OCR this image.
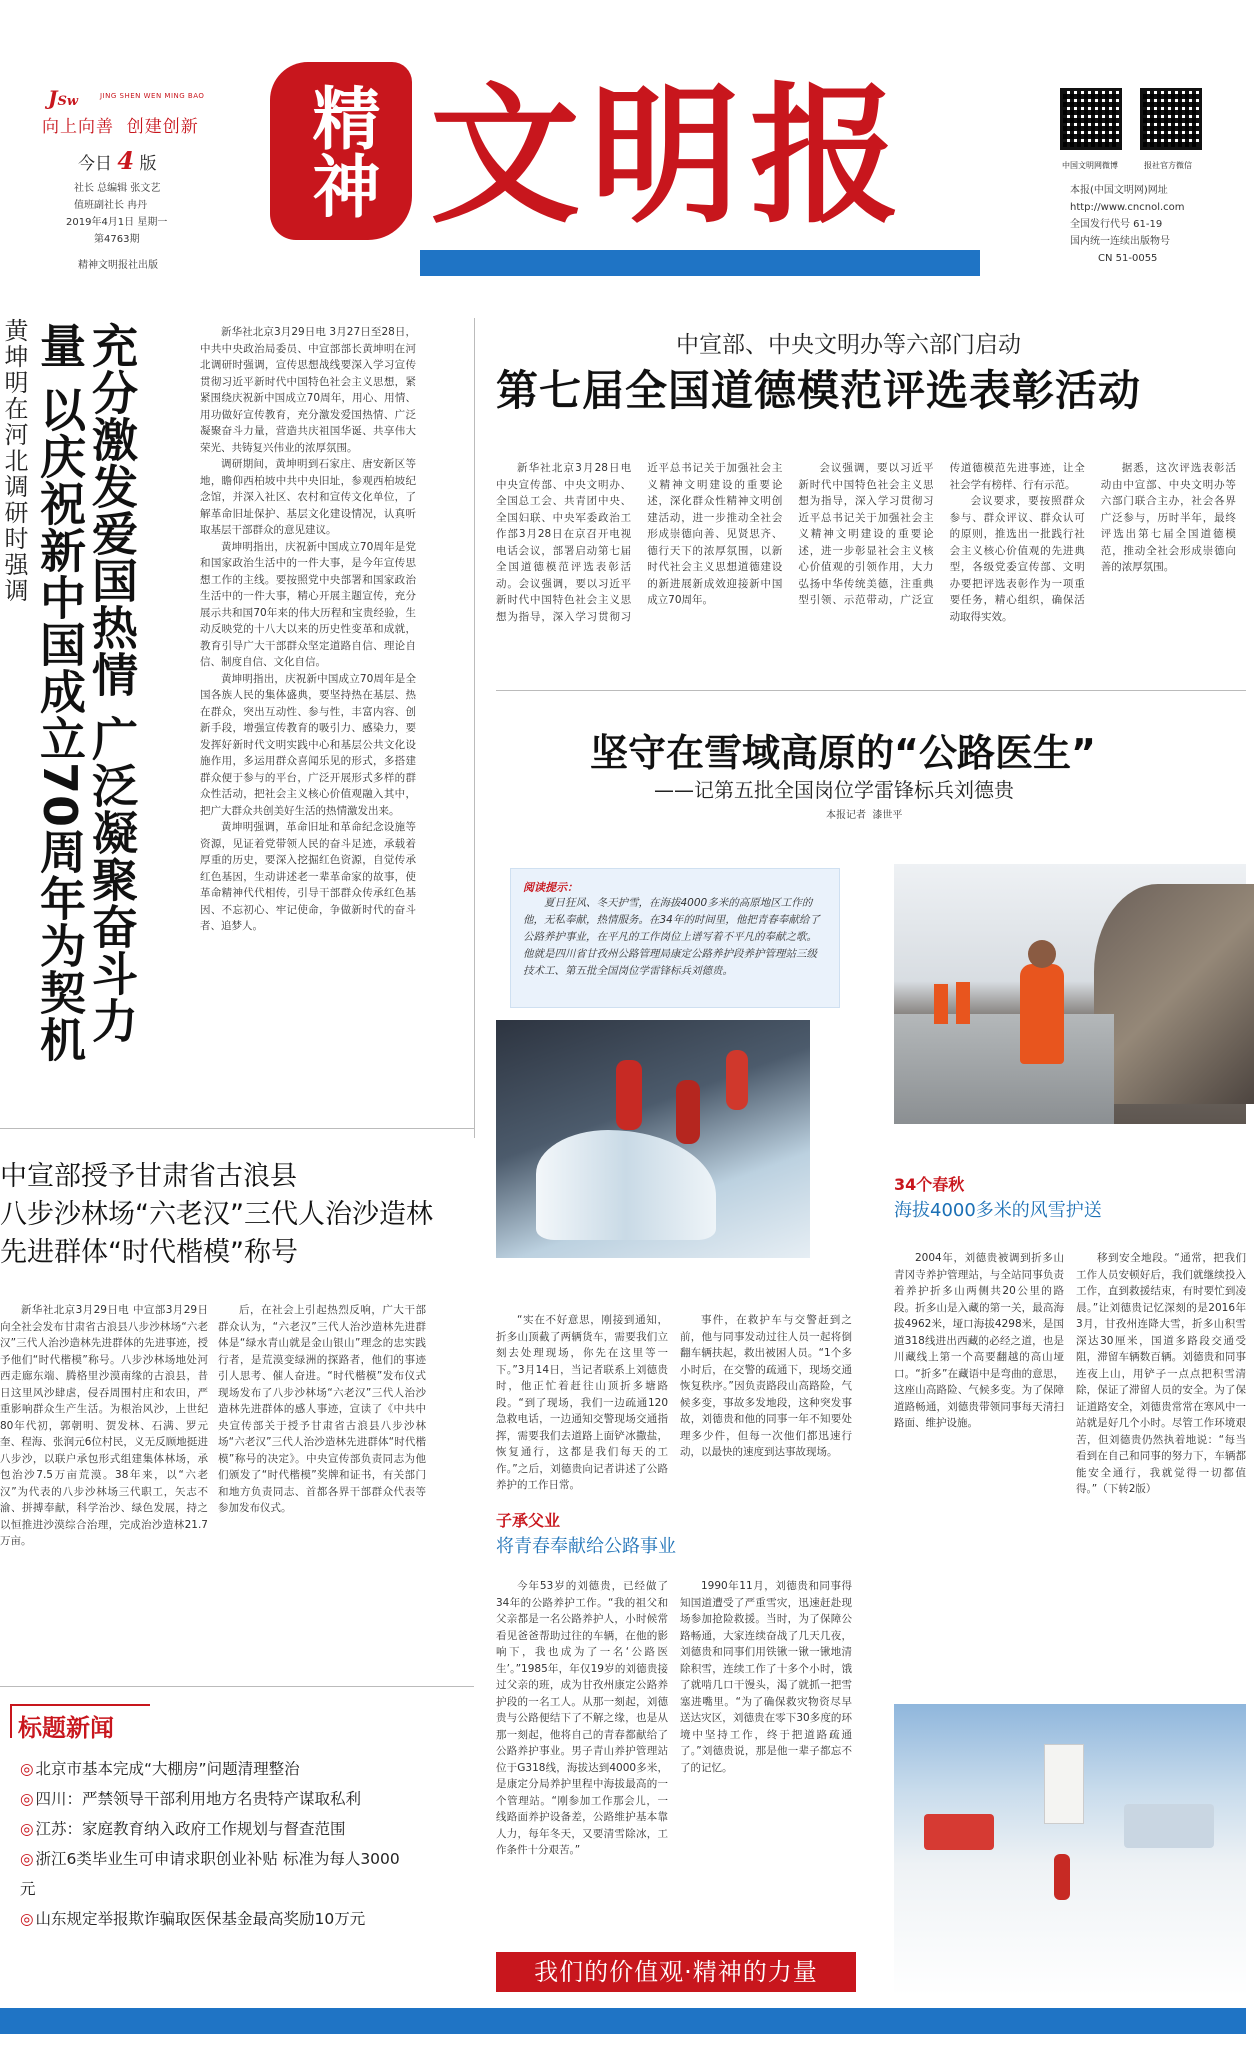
JSw	JING SHEN WEN MING BAO
向上向善  创建创新
今日 4 版
社长 总编辑 张文艺
值班副社长 冉丹
2019年4月1日 星期一
第4763期
精神文明报社出版
精神 文明报

全国精神文明建设战线    全媒中心    独家报纸

中国文明网微博	报社官方微信
本报(中国文明网)网址
http://www.cncnol.com
全国发行代号 61-19
国内统一连续出版物号
CN 51-0055
黄坤明在河北调研时强调	充分激发爱国热情 广泛凝聚奋斗力量 以庆祝新中国成立70周年为契机	新华社北京3月29日电 3月27日至28日，中共中央政治局委员、中宣部部长黄坤明在河北调研时强调，宣传思想战线要深入学习宣传贯彻习近平新时代中国特色社会主义思想，紧紧围绕庆祝新中国成立70周年，用心、用情、用功做好宣传教育，充分激发爱国热情、广泛凝聚奋斗力量，营造共庆祖国华诞、共享伟大荣光、共铸复兴伟业的浓厚氛围。

调研期间，黄坤明到石家庄、唐安新区等地，瞻仰西柏坡中共中央旧址，参观西柏坡纪念馆，并深入社区、农村和宣传文化单位，了解革命旧址保护、基层文化建设情况，认真听取基层干部群众的意见建议。

黄坤明指出，庆祝新中国成立70周年是党和国家政治生活中的一件大事，是今年宣传思想工作的主线。要按照党中央部署和国家政治生活中的一件大事，精心开展主题宣传，充分展示共和国70年来的伟大历程和宝贵经验，生动反映党的十八大以来的历史性变革和成就，教育引导广大干部群众坚定道路自信、理论自信、制度自信、文化自信。

黄坤明指出，庆祝新中国成立70周年是全国各族人民的集体盛典，要坚持热在基层、热在群众，突出互动性、参与性，丰富内容、创新手段，增强宣传教育的吸引力、感染力，要发挥好新时代文明实践中心和基层公共文化设施作用，多运用群众喜闻乐见的形式，多搭建群众便于参与的平台，广泛开展形式多样的群众性活动，把社会主义核心价值观融入其中，把广大群众共创美好生活的热情激发出来。

黄坤明强调，革命旧址和革命纪念设施等资源，见证着党带领人民的奋斗足迹，承载着厚重的历史，要深入挖掘红色资源，自觉传承红色基因，生动讲述老一辈革命家的故事，使革命精神代代相传，引导干部群众传承红色基因、不忘初心、牢记使命，争做新时代的奋斗者、追梦人。

中宣部、中央文明办等六部门启动
第七届全国道德模范评选表彰活动

新华社北京3月28日电 中央宣传部、中央文明办、全国总工会、共青团中央、全国妇联、中央军委政治工作部3月28日在京召开电视电话会议，部署启动第七届全国道德模范评选表彰活动。会议强调，要以习近平新时代中国特色社会主义思想为指导，深入学习贯彻习近平总书记关于加强社会主义精神文明建设的重要论述，深化群众性精神文明创建活动，进一步推动全社会形成崇德向善、见贤思齐、德行天下的浓厚氛围，以新时代社会主义思想道德建设的新进展新成效迎接新中国成立70周年。

会议强调，要以习近平新时代中国特色社会主义思想为指导，深入学习贯彻习近平总书记关于加强社会主义精神文明建设的重要论述，进一步彰显社会主义核心价值观的引领作用，大力弘扬中华传统美德，注重典型引领、示范带动，广泛宣传道德模范先进事迹，让全社会学有榜样、行有示范。

会议要求，要按照群众参与、群众评议、群众认可的原则，推选出一批践行社会主义核心价值观的先进典型，各级党委宣传部、文明办要把评选表彰作为一项重要任务，精心组织，确保活动取得实效。

据悉，这次评选表彰活动由中宣部、中央文明办等六部门联合主办，社会各界广泛参与，历时半年，最终评选出第七届全国道德模范，推动全社会形成崇德向善的浓厚氛围。

坚守在雪域高原的“公路医生”
——记第五批全国岗位学雷锋标兵刘德贵
本报记者  漆世平
阅读提示：
夏日狂风、冬天护雪，在海拔4000多米的高原地区工作的他，无私奉献，热情服务。在34年的时间里，他把青春奉献给了公路养护事业，在平凡的工作岗位上谱写着不平凡的奉献之歌。他就是四川省甘孜州公路管理局康定公路养护段养护管理站三级技术工、第五批全国岗位学雷锋标兵刘德贵。
34个春秋
海拔4000多米的风雪护送
子承父业
将青春奉献给公路事业

“实在不好意思，刚接到通知，折多山顶截了两辆货车，需要我们立刻去处理现场，你先在这里等一下。”3月14日，当记者联系上刘德贵时，他正忙着赶往山顶折多塘路段。“到了现场，我们一边疏通120急救电话，一边通知交警现场交通指挥，需要我们去道路上面铲冰撒盐，恢复通行，这都是我们每天的工作。”之后，刘德贵向记者讲述了公路养护的工作日常。

事件，在救护车与交警赶到之前，他与同事发动过往人员一起将倒翻车辆扶起，救出被困人员。“1个多小时后，在交警的疏通下，现场交通恢复秩序。”因负责路段山高路险，气候多变，事故多发地段，这种突发事故，刘德贵和他的同事一年不知要处理多少件，但每一次他们都迅速行动，以最快的速度到达事故现场。

今年53岁的刘德贵，已经做了34年的公路养护工作。“我的祖父和父亲都是一名公路养护人，小时候常看见爸爸帮助过往的车辆，在他的影响下，我也成为了一名‘公路医生’。”1985年，年仅19岁的刘德贵接过父亲的班，成为甘孜州康定公路养护段的一名工人。从那一刻起，刘德贵与公路便结下了不解之缘，也是从那一刻起，他将自己的青春都献给了公路养护事业。男子青山养护管理站位于G318线，海拔达到4000多米，是康定分局养护里程中海拔最高的一个管理站。“刚参加工作那会儿，一线路面养护设备差，公路维护基本靠人力，每年冬天，又要清雪除冰，工作条件十分艰苦。”

1990年11月，刘德贵和同事得知国道遭受了严重雪灾，迅速赶赴现场参加抢险救援。当时，为了保障公路畅通，大家连续奋战了几天几夜，刘德贵和同事们用铁锹一锹一锹地清除积雪，连续工作了十多个小时，饿了就啃几口干馒头，渴了就抓一把雪塞进嘴里。“为了确保救灾物资尽早送达灾区，刘德贵在零下30多度的环境中坚持工作，终于把道路疏通了。”刘德贵说，那是他一辈子都忘不了的记忆。

2004年，刘德贵被调到折多山青冈寺养护管理站，与全站同事负责着养护折多山两侧共20公里的路段。折多山是入藏的第一关，最高海拔4962米，垭口海拔4298米，是国道318线进出西藏的必经之道，也是川藏线上第一个高要翻越的高山垭口。“折多”在藏语中是弯曲的意思，这座山高路险、气候多变。为了保障道路畅通，刘德贵带领同事每天清扫路面、维护设施。

移到安全地段。“通常，把我们工作人员安顿好后，我们就继续投入工作，直到救援结束，有时要忙到凌晨。”让刘德贵记忆深刻的是2016年3月，甘孜州连降大雪，折多山积雪深达30厘米，国道多路段交通受阻，滞留车辆数百辆。刘德贵和同事连夜上山，用铲子一点点把积雪清除，保证了滞留人员的安全。为了保证道路安全，刘德贵常常在寒风中一站就是好几个小时。尽管工作环境艰苦，但刘德贵仍然执着地说：“每当看到在自己和同事的努力下，车辆都能安全通行，我就觉得一切都值得。”（下转2版）

中宣部授予甘肃省古浪县
八步沙林场“六老汉”三代人治沙造林
先进群体“时代楷模”称号

新华社北京3月29日电 中宣部3月29日向全社会发布甘肃省古浪县八步沙林场“六老汉”三代人治沙造林先进群体的先进事迹，授予他们“时代楷模”称号。八步沙林场地处河西走廊东端、腾格里沙漠南缘的古浪县，昔日这里风沙肆虐，侵吞周围村庄和农田，严重影响群众生产生活。为根治风沙，上世纪80年代初，郭朝明、贺发林、石满、罗元奎、程海、张润元6位村民，义无反顾地挺进八步沙，以联户承包形式组建集体林场，承包治沙7.5万亩荒漠。38年来，以“六老汉”为代表的八步沙林场三代职工，矢志不渝、拼搏奉献，科学治沙、绿色发展，持之以恒推进沙漠综合治理，完成治沙造林21.7万亩。

后，在社会上引起热烈反响，广大干部群众认为，“六老汉”三代人治沙造林先进群体是“绿水青山就是金山银山”理念的忠实践行者，是荒漠变绿洲的探路者，他们的事迹引人思考、催人奋进。“时代楷模”发布仪式现场发布了八步沙林场“六老汉”三代人治沙造林先进群体的感人事迹，宣读了《中共中央宣传部关于授予甘肃省古浪县八步沙林场“六老汉”三代人治沙造林先进群体“时代楷模”称号的决定》。中央宣传部负责同志为他们颁发了“时代楷模”奖牌和证书，有关部门和地方负责同志、首都各界干部群众代表等参加发布仪式。

标题新闻
◎ 北京市基本完成“大棚房”问题清理整治
◎ 四川：严禁领导干部利用地方名贵特产谋取私利
◎ 江苏：家庭教育纳入政府工作规划与督查范围
◎ 浙江6类毕业生可申请求职创业补贴 标准为每人3000元
◎ 山东规定举报欺诈骗取医保基金最高奖励10万元
我们的价值观·精神的力量

广告许可证：5101034000601    电子信箱：jswmb2016@163.com   jswmb-bjb@163.com    定价：月份34元  季价99元  全年价398元    责任编辑  何帅佳  王丽
